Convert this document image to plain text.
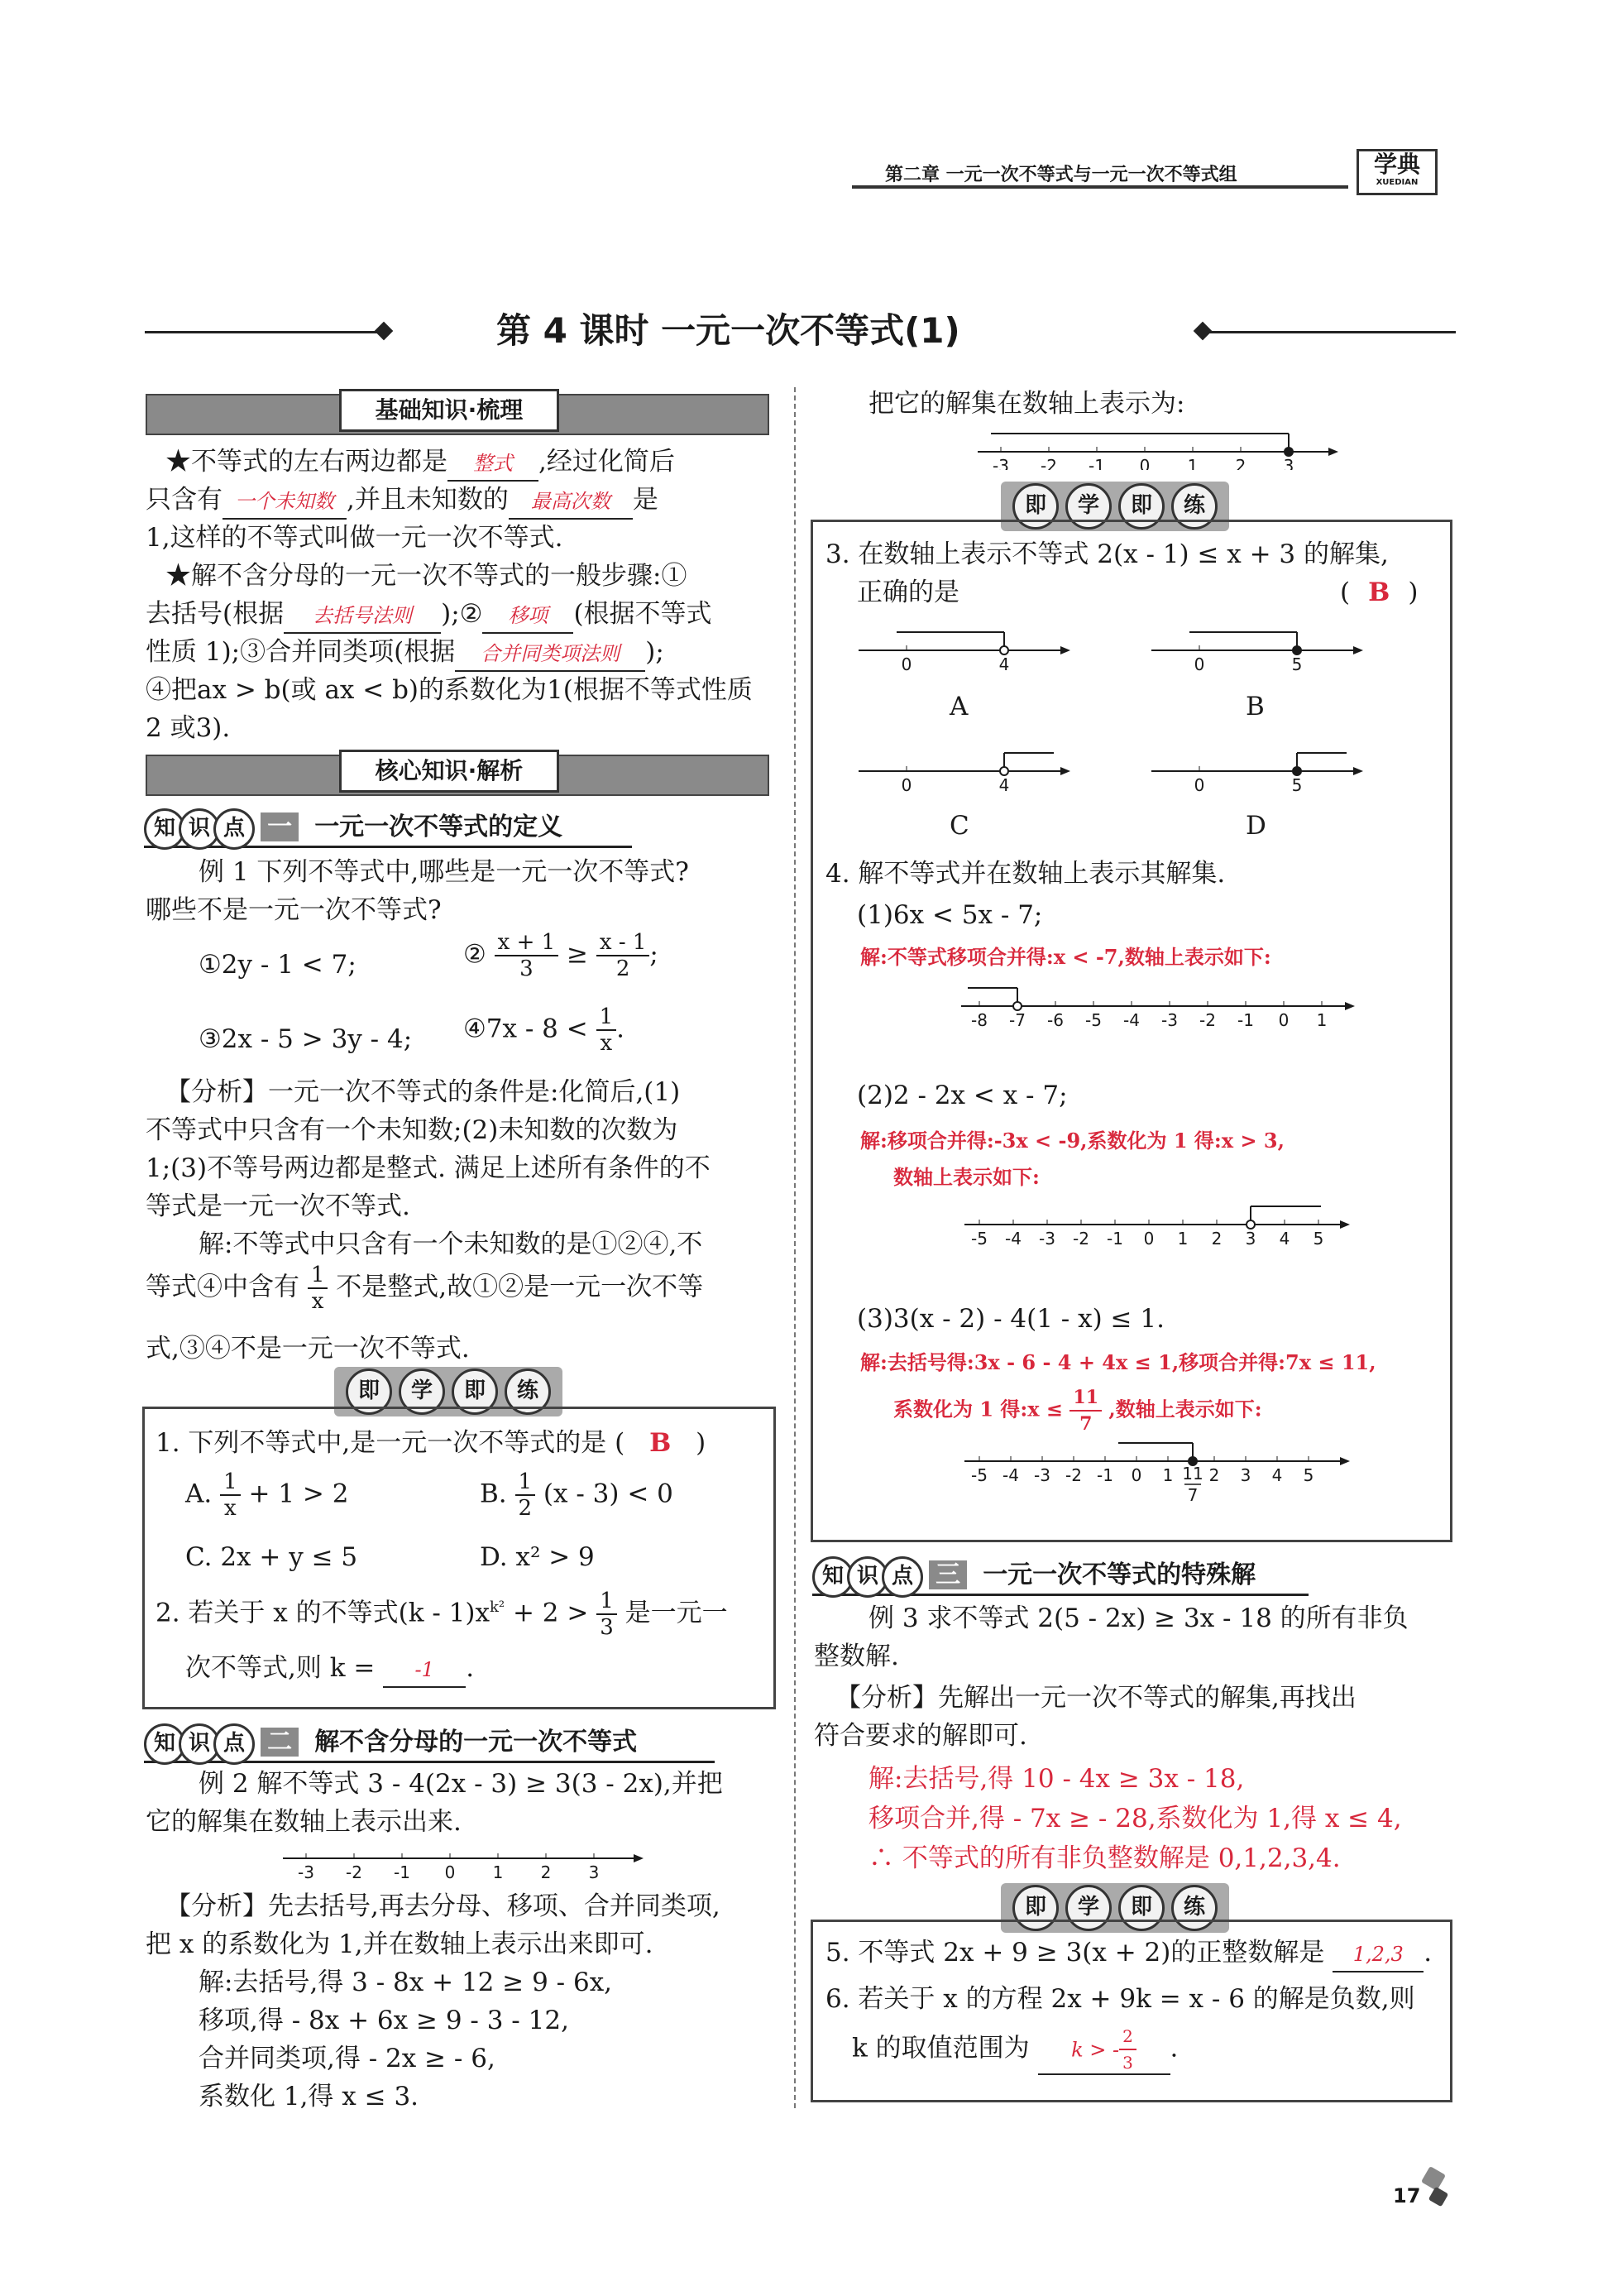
第二章 一元一次不等式与一元一次不等式组	学典
XUEDIAN
第 4 课时 一元一次不等式(1)
基础知识·梳理
★不等式的左右两边都是 整式 ,经过化简后
只含有 一个未知数 ,并且未知数的 最高次数 是
1,这样的不等式叫做一元一次不等式.
★解不含分母的一元一次不等式的一般步骤:①
去括号(根据 去括号法则 );② 移项 (根据不等式
性质 1);③合并同类项(根据 合并同类项法则 );
④把ax > b(或 ax < b)的系数化为1(根据不等式性质
2 或3).
核心知识·解析
知 识 点 一 一元一次不等式的定义
例 1 下列不等式中,哪些是一元一次不等式?
哪些不是一元一次不等式?
①2y - 1 < 7;	② $\frac{x + 1}{3} \ge \frac{x - 1}{2}$ ;
③2x - 5 > 3y - 4; ④7x - $8 < \frac{1}{x}$ .
【分析】一元一次不等式的条件是:化简后,(1)
不等式中只含有一个未知数;(2)未知数的次数为
1;(3)不等号两边都是整式. 满足上述所有条件的不
等式是一元一次不等式.
解:不等式中只含有一个未知数的是①②④,不
等式④中含有 $\frac{1}{x}$ 不是整式,故①②是一元一次不等
式,③④不是一元一次不等式.
即 学 即 练
1. 下列不等式中,是一元一次不等式的是 ( B )
A. $\frac{1}{x} + 1 > 2$	B. $\frac{1}{2} (x - 3) < 0$
C. 2x + y ≤ 5	D. x² > 9
2. 若关于 x 的不等式$(k - 1)x^{k^2} + 2 > \frac{1}{3}$ 是一元一
次不等式,则 k = -1 .
知 识 点 二 解不含分母的一元一次不等式
例 2 解不等式 3 - 4(2x - 3) ≥ 3(3 - 2x),并把
它的解集在数轴上表示出来.
-3 -2 -1 0 1 2 3
【分析】先去括号,再去分母、移项、合并同类项,
把 x 的系数化为 1,并在数轴上表示出来即可.
解:去括号,得 3 - 8x + 12 ≥ 9 - 6x,
移项,得 - 8x + 6x ≥ 9 - 3 - 12,
合并同类项,得 - 2x ≥ - 6,
系数化 1,得 x ≤ 3.
把它的解集在数轴上表示为:
-3 -2 -1 0 1 2 3
即 学 即 练
3. 在数轴上表示不等式 2(x - 1) ≤ x + 3 的解集,
正确的是	( B )
0	4	0	5
A	B
0	4	0	5
C	D
4. 解不等式并在数轴上表示其解集.
(1)6x < 5x - 7;
解:不等式移项合并得:x < -7,数轴上表示如下:
-8 -7 -6 -5 -4 -3 -2 -1 0 1
(2)2 - 2x < x - 7;
解:移项合并得:-3x < -9,系数化为 1 得:x > 3,
数轴上表示如下:
-5 -4 -3 -2 -1 0 1 2 3 4 5
(3)3(x - 2) - 4(1 - x) ≤ 1.
解:去括号得:3x - 6 - 4 + 4x ≤ 1,移项合并得:7x ≤ 11,
系数化为 1 得:x ≤ $\frac{11}{7}$ ,数轴上表示如下:
-5 -4 -3 -2 -1 0 1 2 3 4 5
11
7
知 识 点 三 一元一次不等式的特殊解
例 3 求不等式 2(5 - 2x) ≥ 3x - 18 的所有非负
整数解.
【分析】先解出一元一次不等式的解集,再找出
符合要求的解即可.
解:去括号,得 10 - 4x ≥ 3x - 18,
移项合并,得 - 7x ≥ - 28,系数化为 1,得 x ≤ 4,
∴ 不等式的所有非负整数解是 0,1,2,3,4.
即 学 即 练
5. 不等式 2x + 9 ≥ 3(x + 2)的正整数解是 1,2,3 .
6. 若关于 x 的方程 2x + 9k = x - 6 的解是负数,则
k 的取值范围为 k > - $\frac{2}{3}$ .
17
